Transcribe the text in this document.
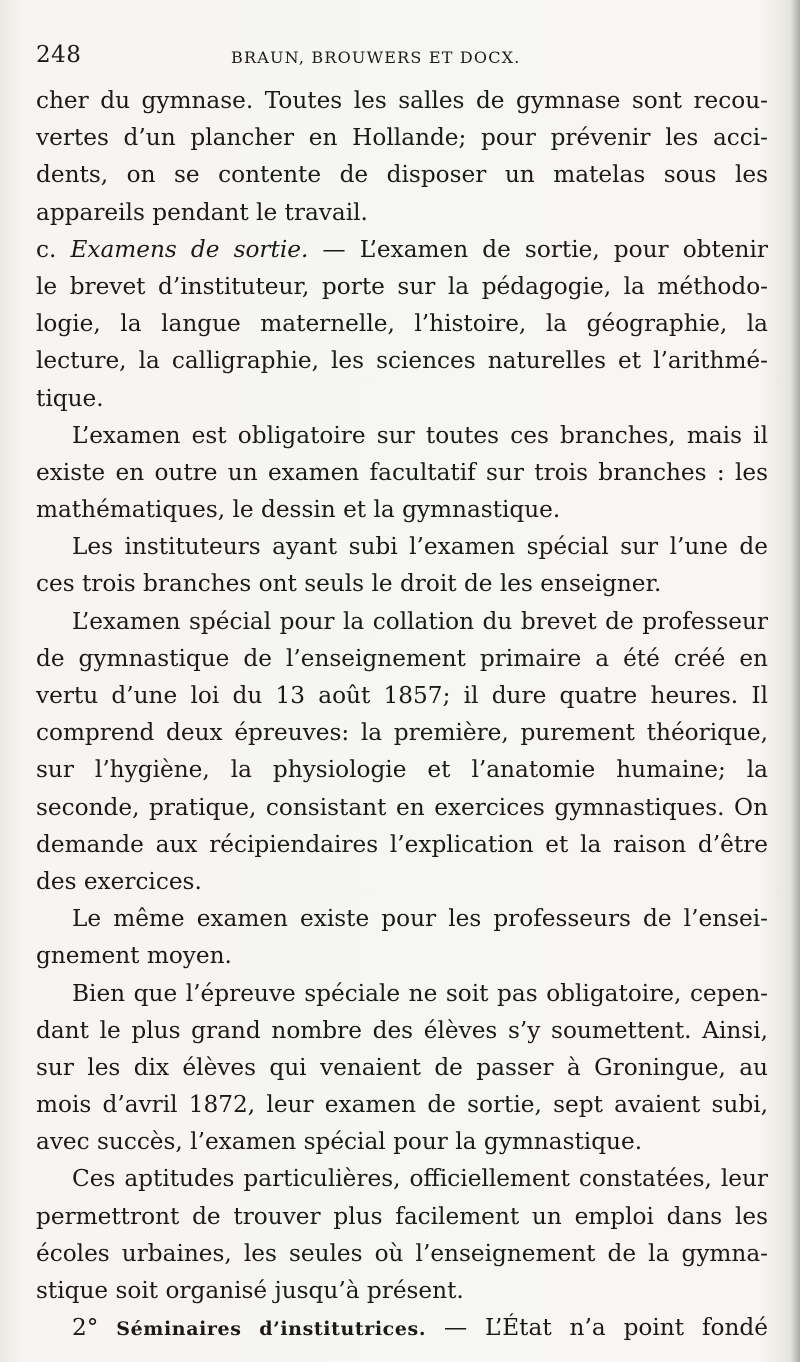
248	BRAUN, BROUWERS ET DOCX.
cher du gymnase. Toutes les salles de gymnase sont recou-
vertes d’un plancher en Hollande; pour prévenir les acci-
dents, on se contente de disposer un matelas sous les
appareils pendant le travail.
c. Examens de sortie. — L’examen de sortie, pour obtenir
le brevet d’instituteur, porte sur la pédagogie, la méthodo-
logie, la langue maternelle, l’histoire, la géographie, la
lecture, la calligraphie, les sciences naturelles et l’arithmé-
tique.
L’examen est obligatoire sur toutes ces branches, mais il
existe en outre un examen facultatif sur trois branches : les
mathématiques, le dessin et la gymnastique.
Les instituteurs ayant subi l’examen spécial sur l’une de
ces trois branches ont seuls le droit de les enseigner.
L’examen spécial pour la collation du brevet de professeur
de gymnastique de l’enseignement primaire a été créé en
vertu d’une loi du 13 août 1857; il dure quatre heures. Il
comprend deux épreuves: la première, purement théorique,
sur l’hygiène, la physiologie et l’anatomie humaine; la
seconde, pratique, consistant en exercices gymnastiques. On
demande aux récipiendaires l’explication et la raison d’être
des exercices.
Le même examen existe pour les professeurs de l’ensei-
gnement moyen.
Bien que l’épreuve spéciale ne soit pas obligatoire, cepen-
dant le plus grand nombre des élèves s’y soumettent. Ainsi,
sur les dix élèves qui venaient de passer à Groningue, au
mois d’avril 1872, leur examen de sortie, sept avaient subi,
avec succès, l’examen spécial pour la gymnastique.
Ces aptitudes particulières, officiellement constatées, leur
permettront de trouver plus facilement un emploi dans les
écoles urbaines, les seules où l’enseignement de la gymna-
stique soit organisé jusqu’à présent.
2° Séminaires d’institutrices. — L’État n’a point fondé
